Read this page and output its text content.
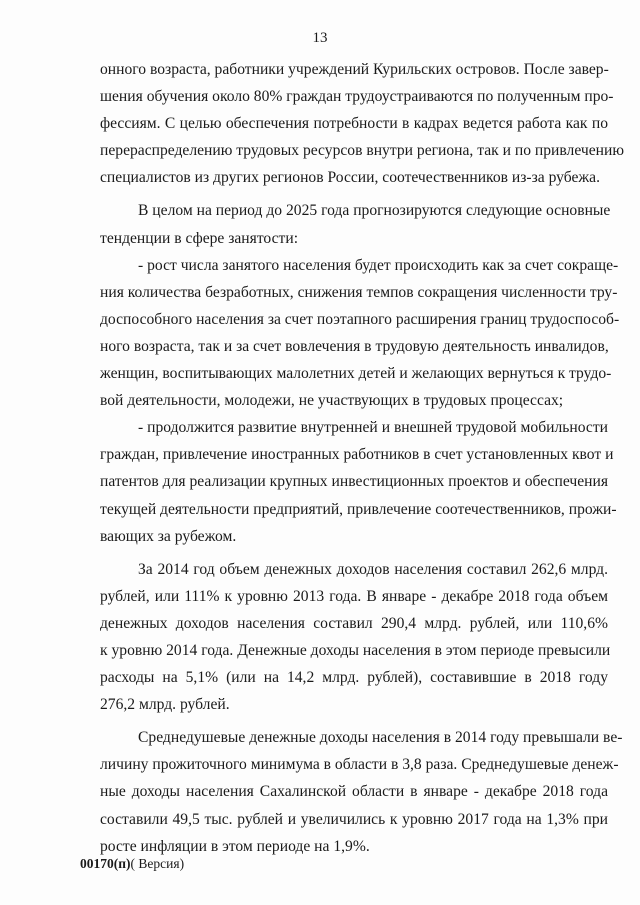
13
онного возраста, работники учреждений Курильских островов. После завер-
шения обучения около 80% граждан трудоустраиваются по полученным про-
фессиям. С целью обеспечения потребности в кадрах ведется работа как по
перераспределению трудовых ресурсов внутри региона, так и по привлечению
специалистов из других регионов России, соотечественников из-за рубежа.
В целом на период до 2025 года прогнозируются следующие основные
тенденции в сфере занятости:
- рост числа занятого населения будет происходить как за счет сокраще-
ния количества безработных, снижения темпов сокращения численности тру-
доспособного населения за счет поэтапного расширения границ трудоспособ-
ного возраста, так и за счет вовлечения в трудовую деятельность инвалидов,
женщин, воспитывающих малолетних детей и желающих вернуться к трудо-
вой деятельности, молодежи, не участвующих в трудовых процессах;
- продолжится развитие внутренней и внешней трудовой мобильности
граждан, привлечение иностранных работников в счет установленных квот и
патентов для реализации крупных инвестиционных проектов и обеспечения
текущей деятельности предприятий, привлечение соотечественников, прожи-
вающих за рубежом.
За 2014 год объем денежных доходов населения составил 262,6 млрд.
рублей, или 111% к уровню 2013 года. В январе - декабре 2018 года объем
денежных доходов населения составил 290,4 млрд. рублей, или 110,6%
к уровню 2014 года. Денежные доходы населения в этом периоде превысили
расходы на 5,1% (или на 14,2 млрд. рублей), составившие в 2018 году
276,2 млрд. рублей.
Среднедушевые денежные доходы населения в 2014 году превышали ве-
личину прожиточного минимума в области в 3,8 раза. Среднедушевые денеж-
ные доходы населения Сахалинской области в январе - декабре 2018 года
составили 49,5 тыс. рублей и увеличились к уровню 2017 года на 1,3% при
росте инфляции в этом периоде на 1,9%.
00170(п)( Версия)
